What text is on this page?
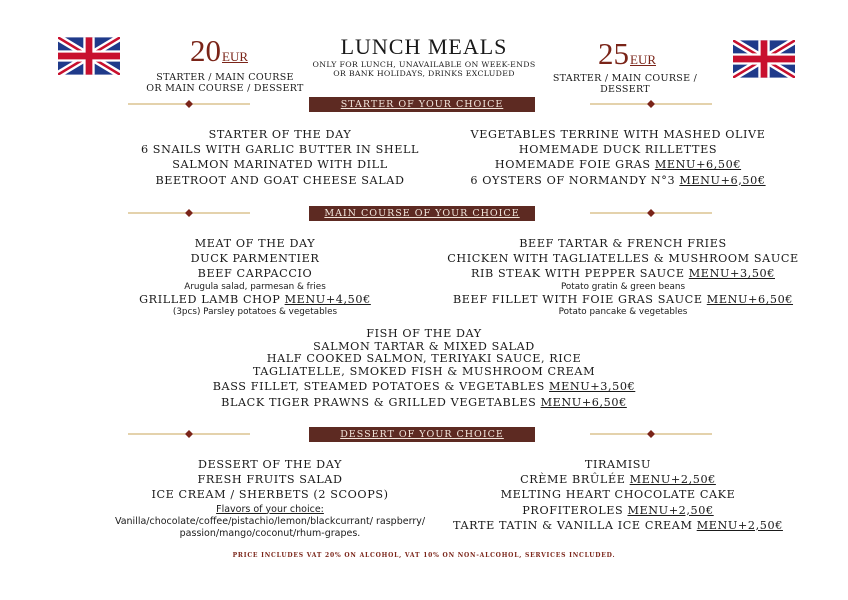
20EUR
STARTER / MAIN COURSE
OR MAIN COURSE / DESSERT
LUNCH MEALS
ONLY FOR LUNCH, UNAVAILABLE ON WEEK-ENDS
OR BANK HOLIDAYS, DRINKS EXCLUDED
25EUR
STARTER / MAIN COURSE / DESSERT
STARTER OF YOUR CHOICE
STARTER OF THE DAY
6 SNAILS WITH GARLIC BUTTER IN SHELL
SALMON MARINATED WITH DILL
BEETROOT AND GOAT CHEESE SALAD
VEGETABLES TERRINE WITH MASHED OLIVE
HOMEMADE DUCK RILLETTES
HOMEMADE FOIE GRAS MENU+6,50€
6 OYSTERS OF NORMANDY N°3 MENU+6,50€
MAIN COURSE OF YOUR CHOICE
MEAT OF THE DAY
DUCK PARMENTIER
BEEF CARPACCIO
Arugula salad, parmesan & fries
GRILLED LAMB CHOP MENU+4,50€
(3pcs) Parsley potatoes & vegetables
BEEF TARTAR & FRENCH FRIES
CHICKEN WITH TAGLIATELLES & MUSHROOM SAUCE
RIB STEAK WITH PEPPER SAUCE MENU+3,50€
Potato gratin & green beans
BEEF FILLET WITH FOIE GRAS SAUCE MENU+6,50€
Potato pancake & vegetables
FISH OF THE DAY
SALMON TARTAR & MIXED SALAD
HALF COOKED SALMON, TERIYAKI SAUCE, RICE
TAGLIATELLE, SMOKED FISH & MUSHROOM CREAM
BASS FILLET, STEAMED POTATOES & VEGETABLES MENU+3,50€
BLACK TIGER PRAWNS & GRILLED VEGETABLES MENU+6,50€
DESSERT OF YOUR CHOICE
DESSERT OF THE DAY
FRESH FRUITS SALAD
ICE CREAM / SHERBETS (2 SCOOPS)
Flavors of your choice:
Vanilla/chocolate/coffee/pistachio/lemon/blackcurrant/ raspberry/
passion/mango/coconut/rhum-grapes.
TIRAMISU
CRÈME BRÛLÉE MENU+2,50€
MELTING HEART CHOCOLATE CAKE
PROFITEROLES MENU+2,50€
TARTE TATIN & VANILLA ICE CREAM MENU+2,50€
PRICE INCLUDES VAT 20% ON ALCOHOL, VAT 10% ON NON-ALCOHOL, SERVICES INCLUDED.
